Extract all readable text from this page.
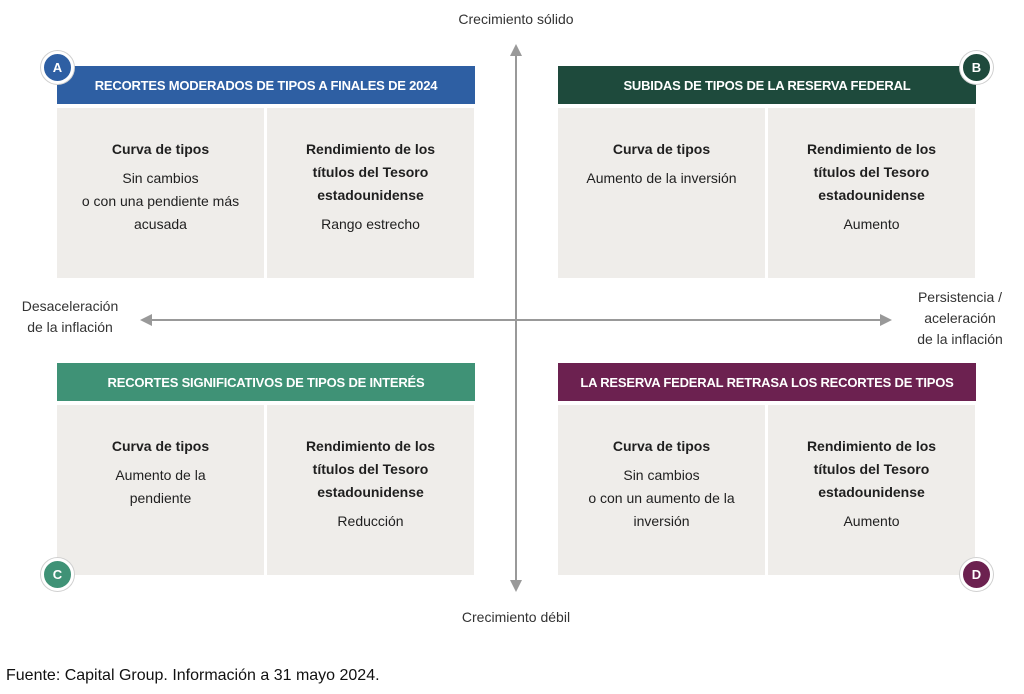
Crecimiento sólido
Crecimiento débil
Desaceleración
de la inflación
Persistencia /
aceleración
de la inflación
RECORTES MODERADOS DE TIPOS A FINALES DE 2024
Curva de tipos
Sin cambios
o con una pendiente más
acusada
Rendimiento de los
títulos del Tesoro
estadounidense
Rango estrecho
A
SUBIDAS DE TIPOS DE LA RESERVA FEDERAL
Curva de tipos
Aumento de la inversión
Rendimiento de los
títulos del Tesoro
estadounidense
Aumento
B
RECORTES SIGNIFICATIVOS DE TIPOS DE INTERÉS
Curva de tipos
Aumento de la
pendiente
Rendimiento de los
títulos del Tesoro
estadounidense
Reducción
C
LA RESERVA FEDERAL RETRASA LOS RECORTES DE TIPOS
Curva de tipos
Sin cambios
o con un aumento de la
inversión
Rendimiento de los
títulos del Tesoro
estadounidense
Aumento
D
Fuente: Capital Group. Información a 31 mayo 2024.
